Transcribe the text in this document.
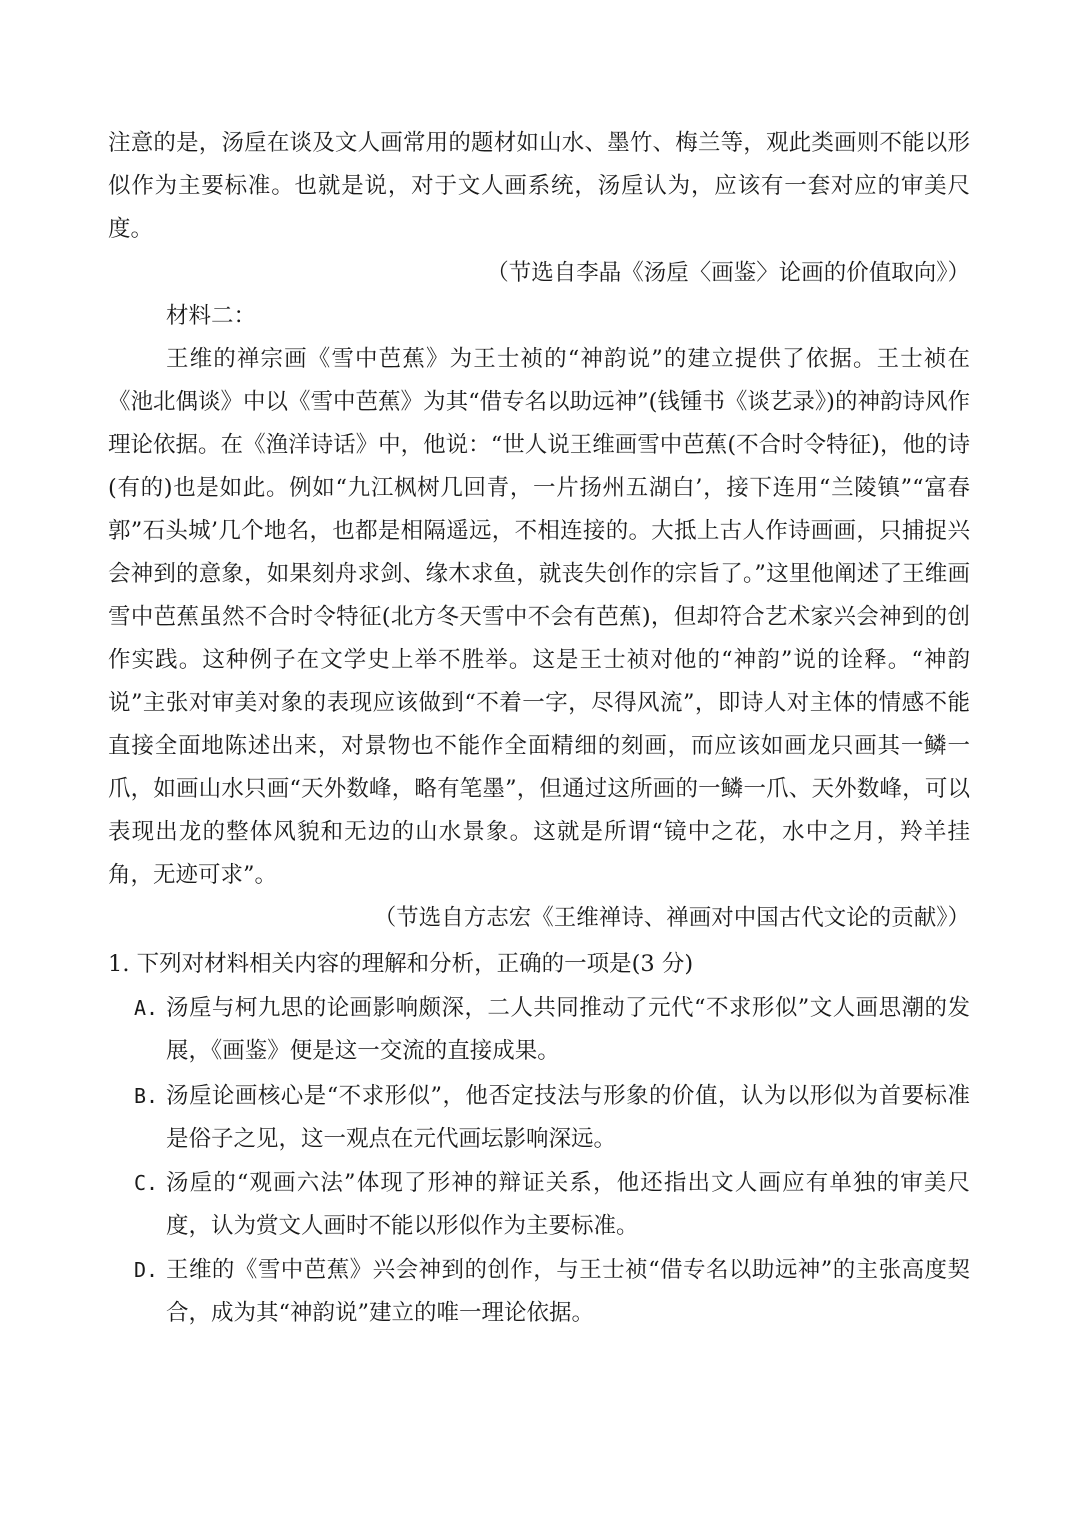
注意的是，汤垕在谈及文人画常用的题材如山水、墨竹、梅兰等，观此类画则不能以形似作为主要标准。也就是说，对于文人画系统，汤垕认为，应该有一套对应的审美尺度。

（节选自李晶《汤垕〈画鉴〉论画的价值取向》）

材料二：

王维的禅宗画《雪中芭蕉》为王士祯的“神韵说”的建立提供了依据。王士祯在《池北偶谈》中以《雪中芭蕉》为其“借专名以助远神”(钱锺书《谈艺录》)的神韵诗风作理论依据。在《渔洋诗话》中，他说：“世人说王维画雪中芭蕉(不合时令特征)，他的诗(有的)也是如此。例如“九江枫树几回青，一片扬州五湖白’，接下连用“兰陵镇”“富春郭”石头城’几个地名，也都是相隔遥远，不相连接的。大抵上古人作诗画画，只捕捉兴会神到的意象，如果刻舟求剑、缘木求鱼，就丧失创作的宗旨了。”这里他阐述了王维画雪中芭蕉虽然不合时令特征(北方冬天雪中不会有芭蕉)，但却符合艺术家兴会神到的创作实践。这种例子在文学史上举不胜举。这是王士祯对他的“神韵”说的诠释。“神韵说”主张对审美对象的表现应该做到“不着一字，尽得风流”，即诗人对主体的情感不能直接全面地陈述出来，对景物也不能作全面精细的刻画，而应该如画龙只画其一鳞一爪，如画山水只画“天外数峰，略有笔墨”，但通过这所画的一鳞一爪、天外数峰，可以表现出龙的整体风貌和无边的山水景象。这就是所谓“镜中之花，水中之月，羚羊挂角，无迹可求”。

（节选自方志宏《王维禅诗、禅画对中国古代文论的贡献》）

1. 下列对材料相关内容的理解和分析，正确的一项是(3 分)

A. 汤垕与柯九思的论画影响颇深，二人共同推动了元代“不求形似”文人画思潮的发展，《画鉴》便是这一交流的直接成果。
B. 汤垕论画核心是“不求形似”，他否定技法与形象的价值，认为以形似为首要标准是俗子之见，这一观点在元代画坛影响深远。
C. 汤垕的“观画六法”体现了形神的辩证关系，他还指出文人画应有单独的审美尺度，认为赏文人画时不能以形似作为主要标准。
D. 王维的《雪中芭蕉》兴会神到的创作，与王士祯“借专名以助远神”的主张高度契合，成为其“神韵说”建立的唯一理论依据。
